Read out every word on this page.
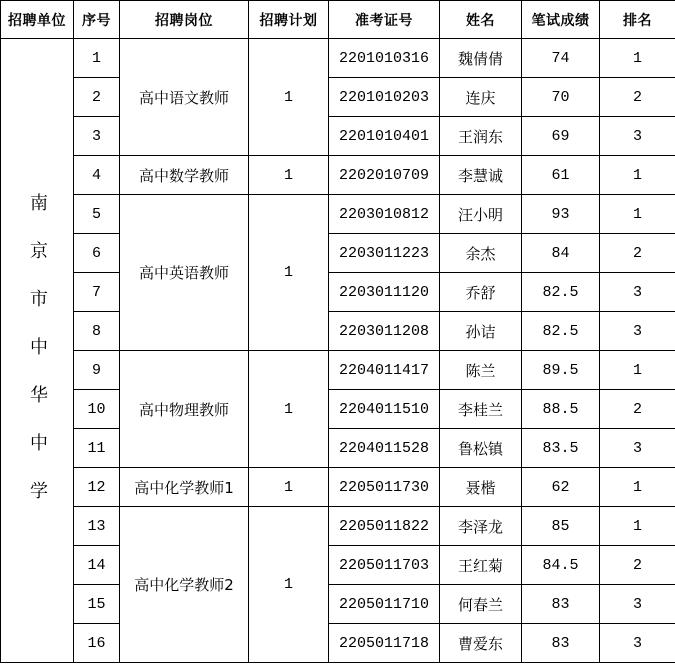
招聘单位	序号	招聘岗位	招聘计划	准考证号	姓名	笔试成绩	排名
南京市中华中学	1	高中语文教师	1	2201010316	魏倩倩	74	1
	2			2201010203	连庆	70	2
	3			2201010401	王润东	69	3
	4	高中数学教师	1	2202010709	李慧诚	61	1
	5	高中英语教师	1	2203010812	汪小明	93	1
	6			2203011223	余杰	84	2
	7			2203011120	乔舒	82.5	3
	8			2203011208	孙诘	82.5	3
	9	高中物理教师	1	2204011417	陈兰	89.5	1
	10			2204011510	李桂兰	88.5	2
	11			2204011528	鲁松镇	83.5	3
	12	高中化学教师1	1	2205011730	聂楷	62	1
	13	高中化学教师2	1	2205011822	李泽龙	85	1
	14			2205011703	王红菊	84.5	2
	15			2205011710	何春兰	83	3
	16			2205011718	曹爱东	83	3
